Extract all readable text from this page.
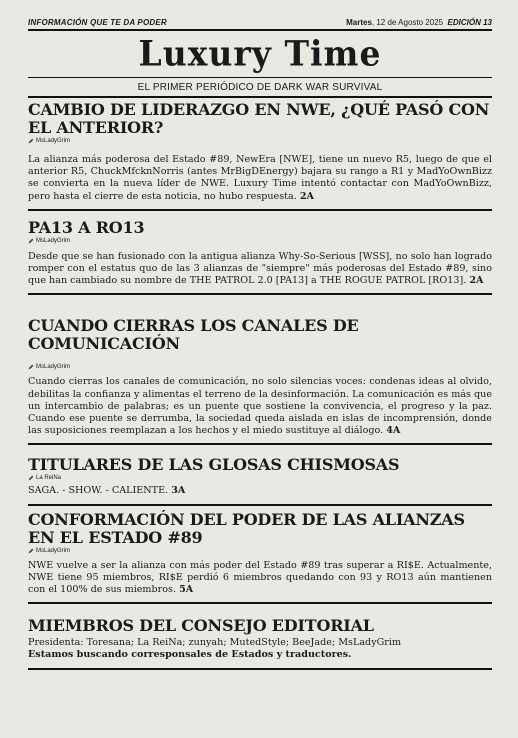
INFORMACIÓN QUE TE DA PODER	Martes, 12 de Agosto 2025 EDICIÓN 13
Luxury Time
EL PRIMER PERIÓDICO DE DARK WAR SURVIVAL
CAMBIO DE LIDERAZGO EN NWE, ¿QUÉ PASÓ CON EL ANTERIOR?
MsLadyGrim

La alianza más poderosa del Estado #89, NewEra [NWE], tiene un nuevo R5, luego de que el anterior R5, ChuckMfcknNorris (antes MrBigDEnergy) bajara su rango a R1 y MadYoOwnBizz se convierta en la nueva líder de NWE. Luxury Time intentó contactar con MadYoOwnBizz, pero hasta el cierre de esta noticia, no hubo respuesta. 2A

PA13 A RO13
MsLadyGrim

Desde que se han fusionado con la antigua alianza Why-So-Serious [WSS], no solo han logrado romper con el estatus quo de las 3 alianzas de "siempre" más poderosas del Estado #89, sino que han cambiado su nombre de THE PATROL 2.0 [PA13] a THE ROGUE PATROL [RO13]. 2A

CUANDO CIERRAS LOS CANALES DE COMUNICACIÓN
MsLadyGrim

Cuando cierras los canales de comunicación, no solo silencias voces: condenas ideas al olvido, debilitas la confianza y alimentas el terreno de la desinformación. La comunicación es más que un intercambio de palabras; es un puente que sostiene la convivencia, el progreso y la paz. Cuando ese puente se derrumba, la sociedad queda aislada en islas de incomprensión, donde las suposiciones reemplazan a los hechos y el miedo sustituye al diálogo. 4A

TITULARES DE LAS GLOSAS CHISMOSAS
La ReiNa

SAGA. - SHOW. - CALIENTE. 3A

CONFORMACIÓN DEL PODER DE LAS ALIANZAS EN EL ESTADO #89
MsLadyGrim

NWE vuelve a ser la alianza con más poder del Estado #89 tras superar a RI$E. Actualmente, NWE tiene 95 miembros, RI$E perdió 6 miembros quedando con 93 y RO13 aún mantienen con el 100% de sus miembros. 5A

MIEMBROS DEL CONSEJO EDITORIAL
Presidenta: Toresana; La ReiNa; zunyah; MutedStyle; BeeJade; MsLadyGrim
Estamos buscando corresponsales de Estados y traductores.
